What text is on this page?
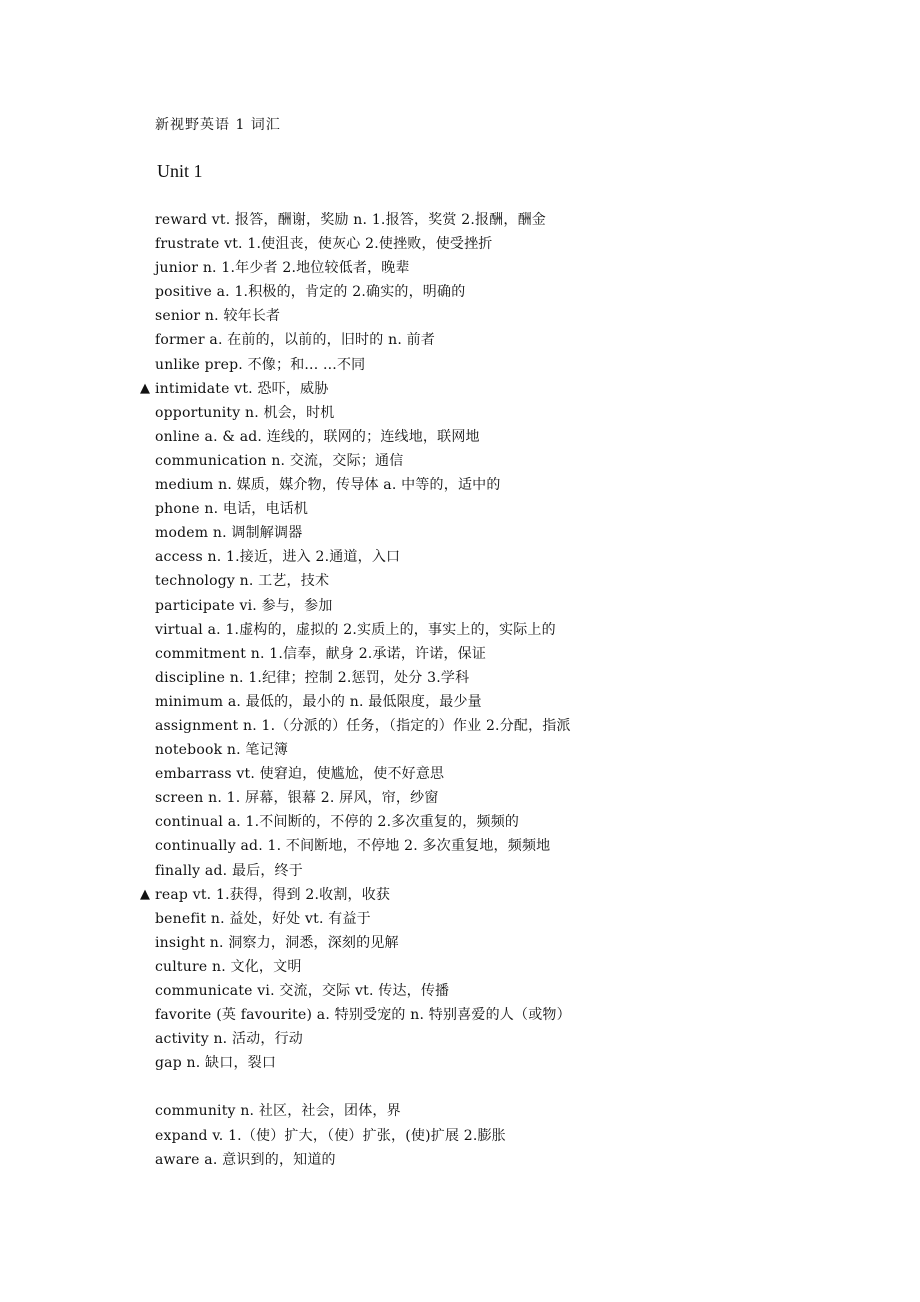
新视野英语 1 词汇
Unit 1
reward vt. 报答，酬谢，奖励 n. 1.报答，奖赏 2.报酬，酬金
frustrate vt. 1.使沮丧，使灰心 2.使挫败，使受挫折
junior n. 1.年少者 2.地位较低者，晚辈
positive a. 1.积极的，肯定的 2.确实的，明确的
senior n. 较年长者
former a. 在前的，以前的，旧时的 n. 前者
unlike prep. 不像；和... ...不同
▲ intimidate vt. 恐吓，威胁
opportunity n. 机会，时机
online a. & ad. 连线的，联网的；连线地，联网地
communication n. 交流，交际；通信
medium n. 媒质，媒介物，传导体 a. 中等的，适中的
phone n. 电话，电话机
modem n. 调制解调器
access n. 1.接近，进入 2.通道，入口
technology n. 工艺，技术
participate vi. 参与，参加
virtual a. 1.虚构的，虚拟的 2.实质上的，事实上的，实际上的
commitment n. 1.信奉，献身 2.承诺，许诺，保证
discipline n. 1.纪律；控制 2.惩罚，处分 3.学科
minimum a. 最低的，最小的 n. 最低限度，最少量
assignment n. 1.（分派的）任务，（指定的）作业 2.分配，指派
notebook n. 笔记簿
embarrass vt. 使窘迫，使尴尬，使不好意思
screen n. 1. 屏幕，银幕 2. 屏风，帘，纱窗
continual a. 1.不间断的，不停的 2.多次重复的，频频的
continually ad. 1. 不间断地，不停地 2. 多次重复地，频频地
finally ad. 最后，终于
▲ reap vt. 1.获得，得到 2.收割，收获
benefit n. 益处，好处 vt. 有益于
insight n. 洞察力，洞悉，深刻的见解
culture n. 文化，文明
communicate vi. 交流，交际 vt. 传达，传播
favorite (英 favourite) a. 特别受宠的 n. 特别喜爱的人（或物）
activity n. 活动，行动
gap n. 缺口，裂口
community n. 社区，社会，团体，界
expand v. 1.（使）扩大，（使）扩张，(使)扩展 2.膨胀
aware a. 意识到的，知道的
